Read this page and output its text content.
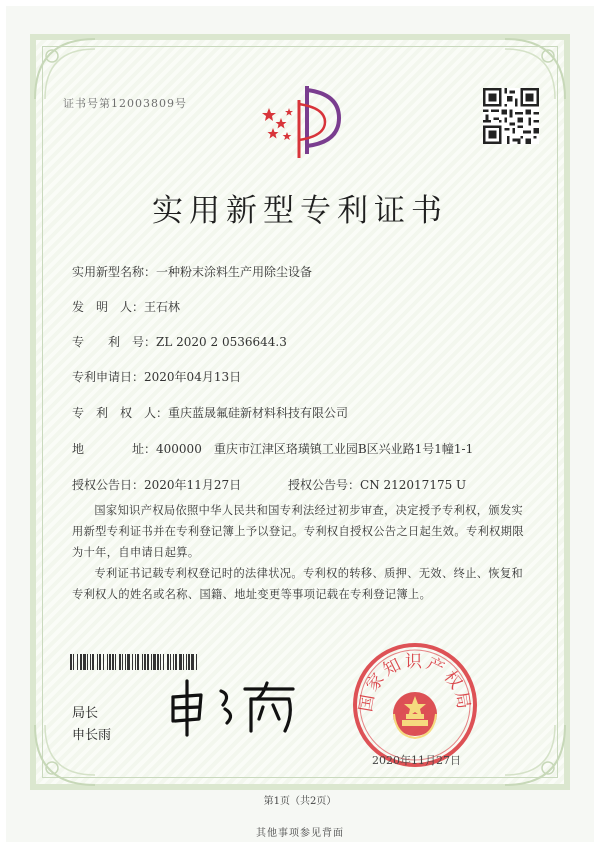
证书号第12003809号
实用新型专利证书
实用新型名称：一种粉末涂料生产用除尘设备
发　明　人：王石林
专　　利　号：ZL 2020 2 0536644.3
专利申请日：2020年04月13日
专　利　权　人：重庆蓝晟氟硅新材料科技有限公司
地　　　　址：400000　重庆市江津区珞璜镇工业园B区兴业路1号1幢1-1
授权公告日：2020年11月27日	授权公告号：CN 212017175 U
国家知识产权局依照中华人民共和国专利法经过初步审查，决定授予专利权，颁发实用新型专利证书并在专利登记簿上予以登记。专利权自授权公告之日起生效。专利权期限为十年，自申请日起算。
专利证书记载专利权登记时的法律状况。专利权的转移、质押、无效、终止、恢复和专利权人的姓名或名称、国籍、地址变更等事项记载在专利登记簿上。
局长
申长雨
国家知识产权局
2020年11月27日
第1页（共2页）
其他事项参见背面
